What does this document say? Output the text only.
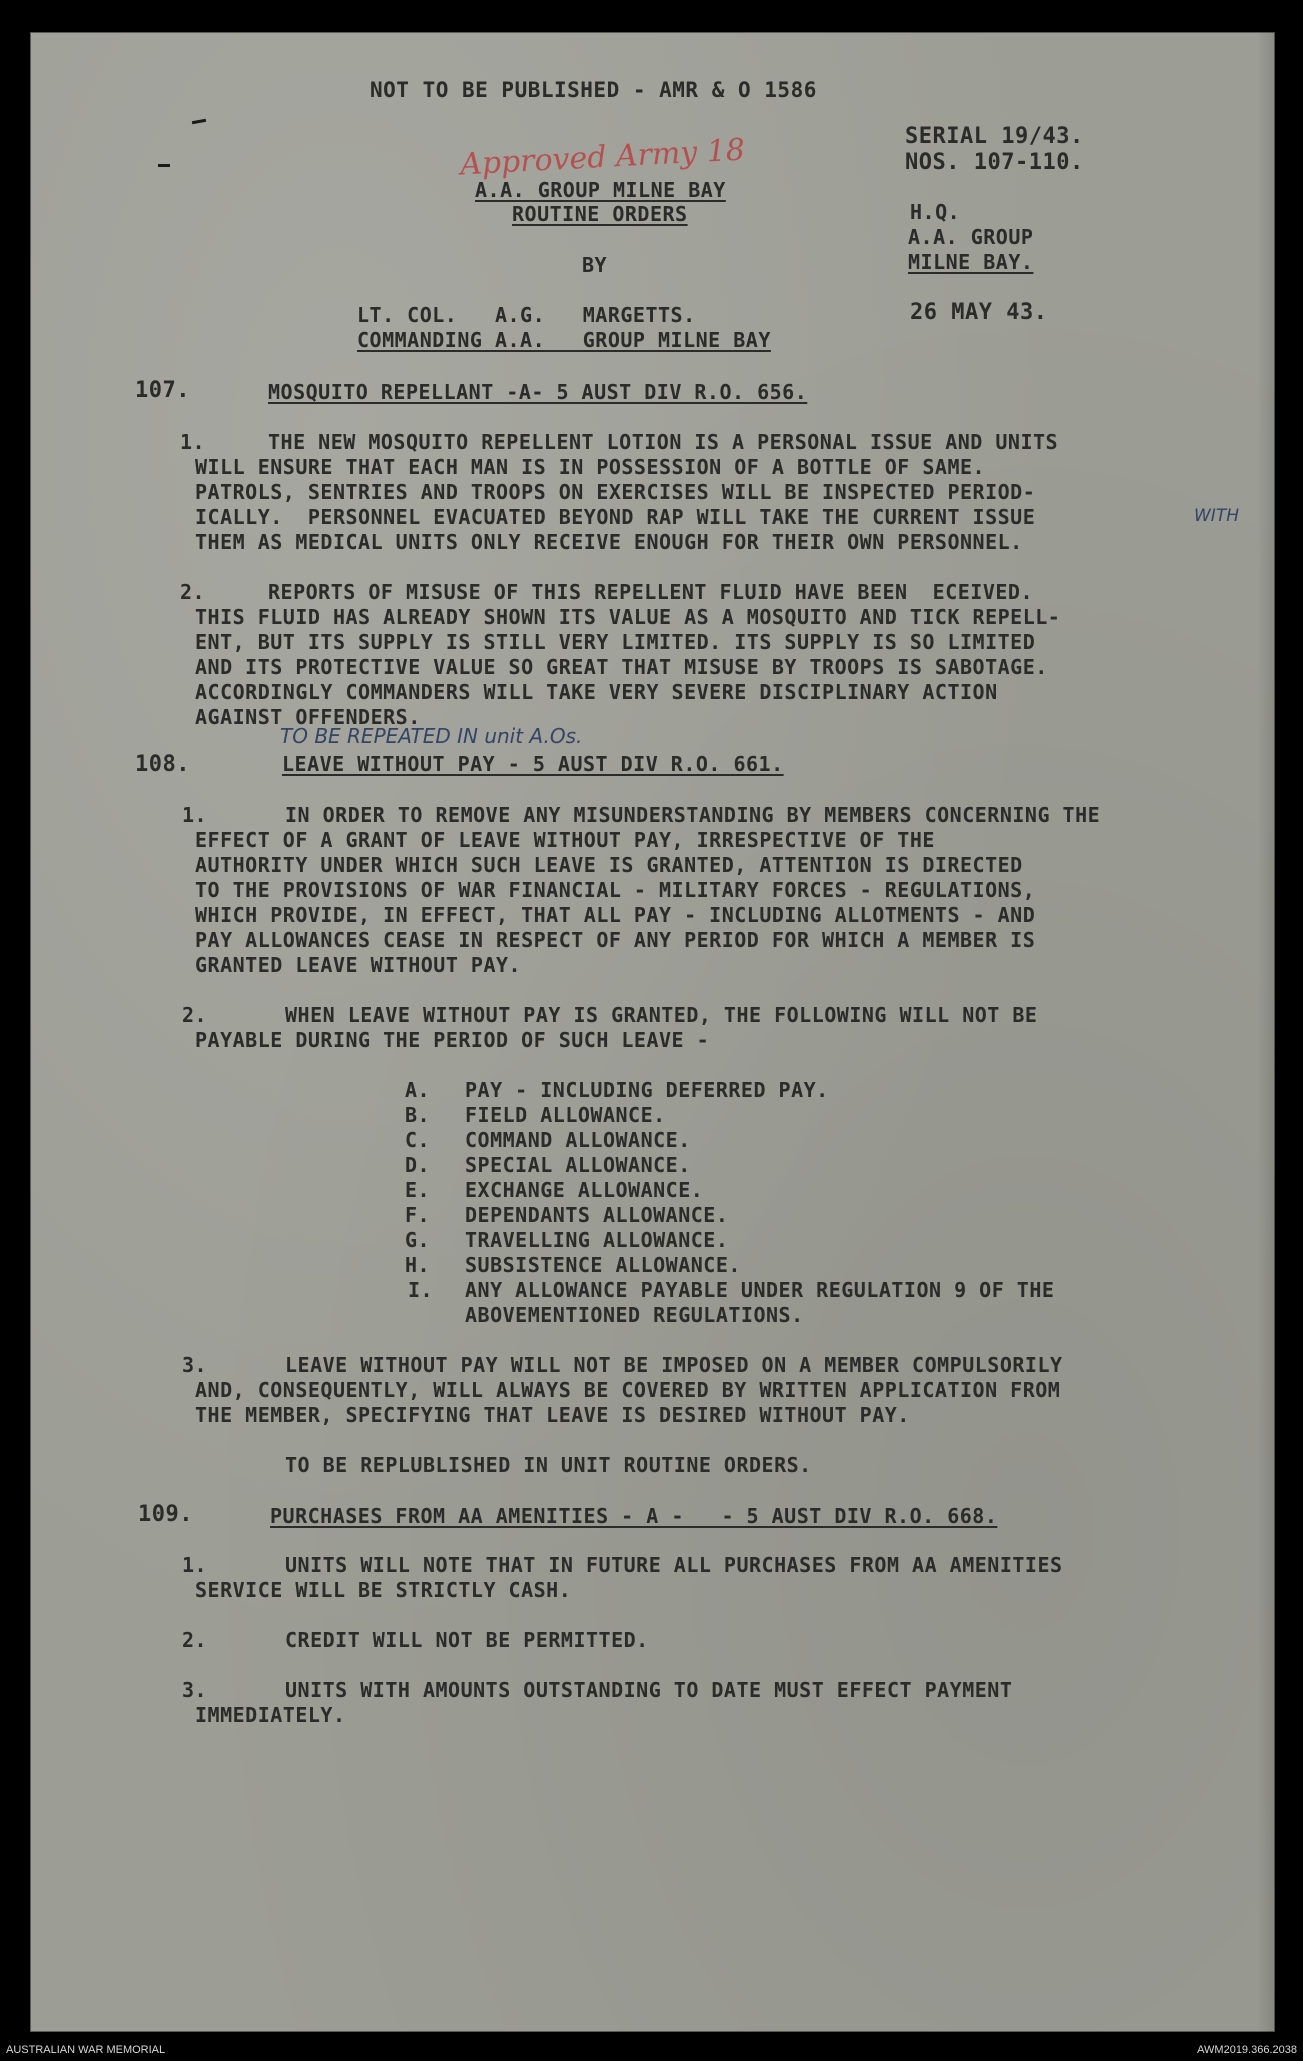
NOT TO BE PUBLISHED - AMR & O 1586

Approved Army 18	SERIAL 19/43.

NOS. 107-110.

H.Q.

A.A. GROUP

MILNE BAY.

26 MAY 43.

A.A. GROUP MILNE BAY

ROUTINE ORDERS

BY

LT. COL.   A.G.   MARGETTS.

COMMANDING A.A.   GROUP MILNE BAY

107.	MOSQUITO REPELLANT -A- 5 AUST DIV R.O. 656.

1.	THE NEW MOSQUITO REPELLENT LOTION IS A PERSONAL ISSUE AND UNITS

WILL ENSURE THAT EACH MAN IS IN POSSESSION OF A BOTTLE OF SAME.

PATROLS, SENTRIES AND TROOPS ON EXERCISES WILL BE INSPECTED PERIOD-

ICALLY.  PERSONNEL EVACUATED BEYOND RAP WILL TAKE THE CURRENT ISSUE	WITH

THEM AS MEDICAL UNITS ONLY RECEIVE ENOUGH FOR THEIR OWN PERSONNEL.

2.	REPORTS OF MISUSE OF THIS REPELLENT FLUID HAVE BEEN  ECEIVED.

THIS FLUID HAS ALREADY SHOWN ITS VALUE AS A MOSQUITO AND TICK REPELL-

ENT, BUT ITS SUPPLY IS STILL VERY LIMITED. ITS SUPPLY IS SO LIMITED

AND ITS PROTECTIVE VALUE SO GREAT THAT MISUSE BY TROOPS IS SABOTAGE.

ACCORDINGLY COMMANDERS WILL TAKE VERY SEVERE DISCIPLINARY ACTION

AGAINST OFFENDERS.

TO BE REPEATED IN unit A.Os.

108.	LEAVE WITHOUT PAY - 5 AUST DIV R.O. 661.

1.	IN ORDER TO REMOVE ANY MISUNDERSTANDING BY MEMBERS CONCERNING THE

EFFECT OF A GRANT OF LEAVE WITHOUT PAY, IRRESPECTIVE OF THE

AUTHORITY UNDER WHICH SUCH LEAVE IS GRANTED, ATTENTION IS DIRECTED

TO THE PROVISIONS OF WAR FINANCIAL - MILITARY FORCES - REGULATIONS,

WHICH PROVIDE, IN EFFECT, THAT ALL PAY - INCLUDING ALLOTMENTS - AND

PAY ALLOWANCES CEASE IN RESPECT OF ANY PERIOD FOR WHICH A MEMBER IS

GRANTED LEAVE WITHOUT PAY.

2.	WHEN LEAVE WITHOUT PAY IS GRANTED, THE FOLLOWING WILL NOT BE

PAYABLE DURING THE PERIOD OF SUCH LEAVE -

A. PAY - INCLUDING DEFERRED PAY.

B. FIELD ALLOWANCE.

C. COMMAND ALLOWANCE.

D. SPECIAL ALLOWANCE.

E. EXCHANGE ALLOWANCE.

F. DEPENDANTS ALLOWANCE.

G. TRAVELLING ALLOWANCE.

H. SUBSISTENCE ALLOWANCE.

I. ANY ALLOWANCE PAYABLE UNDER REGULATION 9 OF THE

ABOVEMENTIONED REGULATIONS.

3.	LEAVE WITHOUT PAY WILL NOT BE IMPOSED ON A MEMBER COMPULSORILY

AND, CONSEQUENTLY, WILL ALWAYS BE COVERED BY WRITTEN APPLICATION FROM

THE MEMBER, SPECIFYING THAT LEAVE IS DESIRED WITHOUT PAY.

TO BE REPLUBLISHED IN UNIT ROUTINE ORDERS.

109.	PURCHASES FROM AA AMENITIES - A -   - 5 AUST DIV R.O. 668.

1.	UNITS WILL NOTE THAT IN FUTURE ALL PURCHASES FROM AA AMENITIES

SERVICE WILL BE STRICTLY CASH.

2.	CREDIT WILL NOT BE PERMITTED.

3.	UNITS WITH AMOUNTS OUTSTANDING TO DATE MUST EFFECT PAYMENT

IMMEDIATELY.

AUSTRALIAN WAR MEMORIAL	AWM2019.366.2038
